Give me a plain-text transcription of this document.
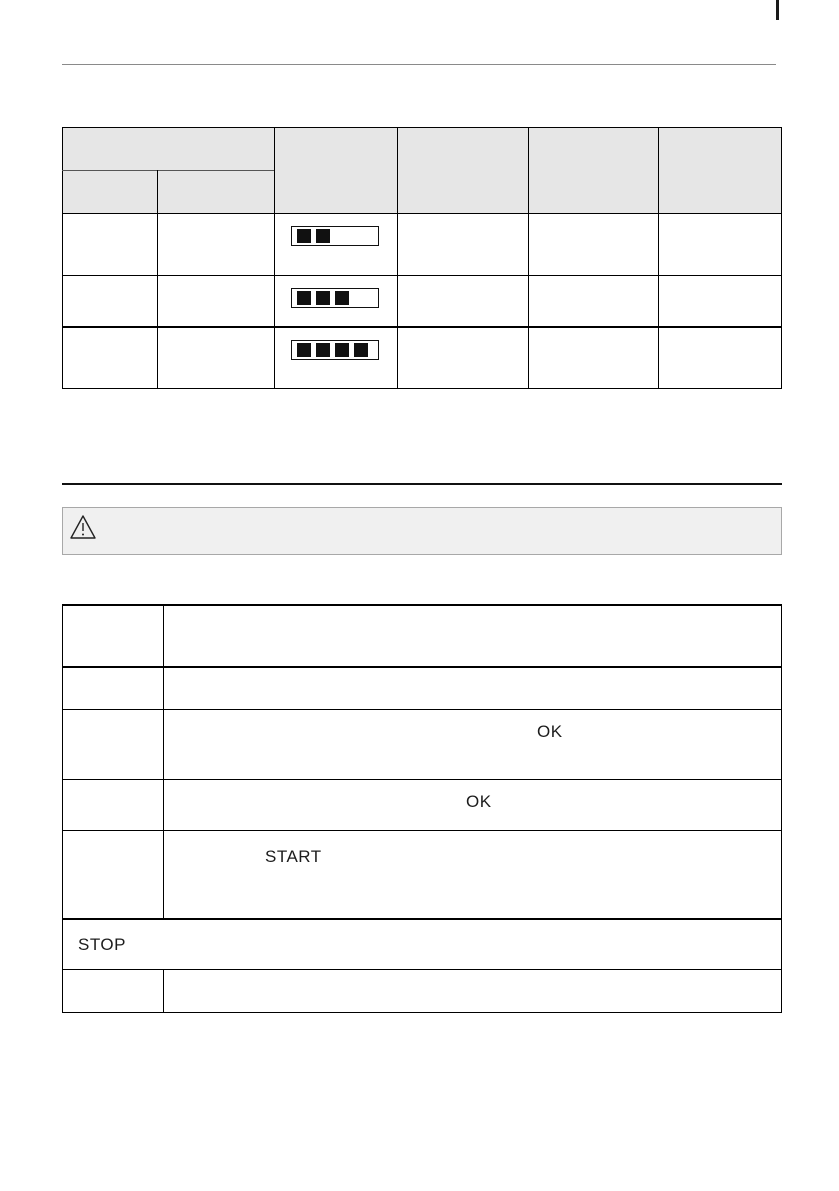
OK
OK
START
STOP
